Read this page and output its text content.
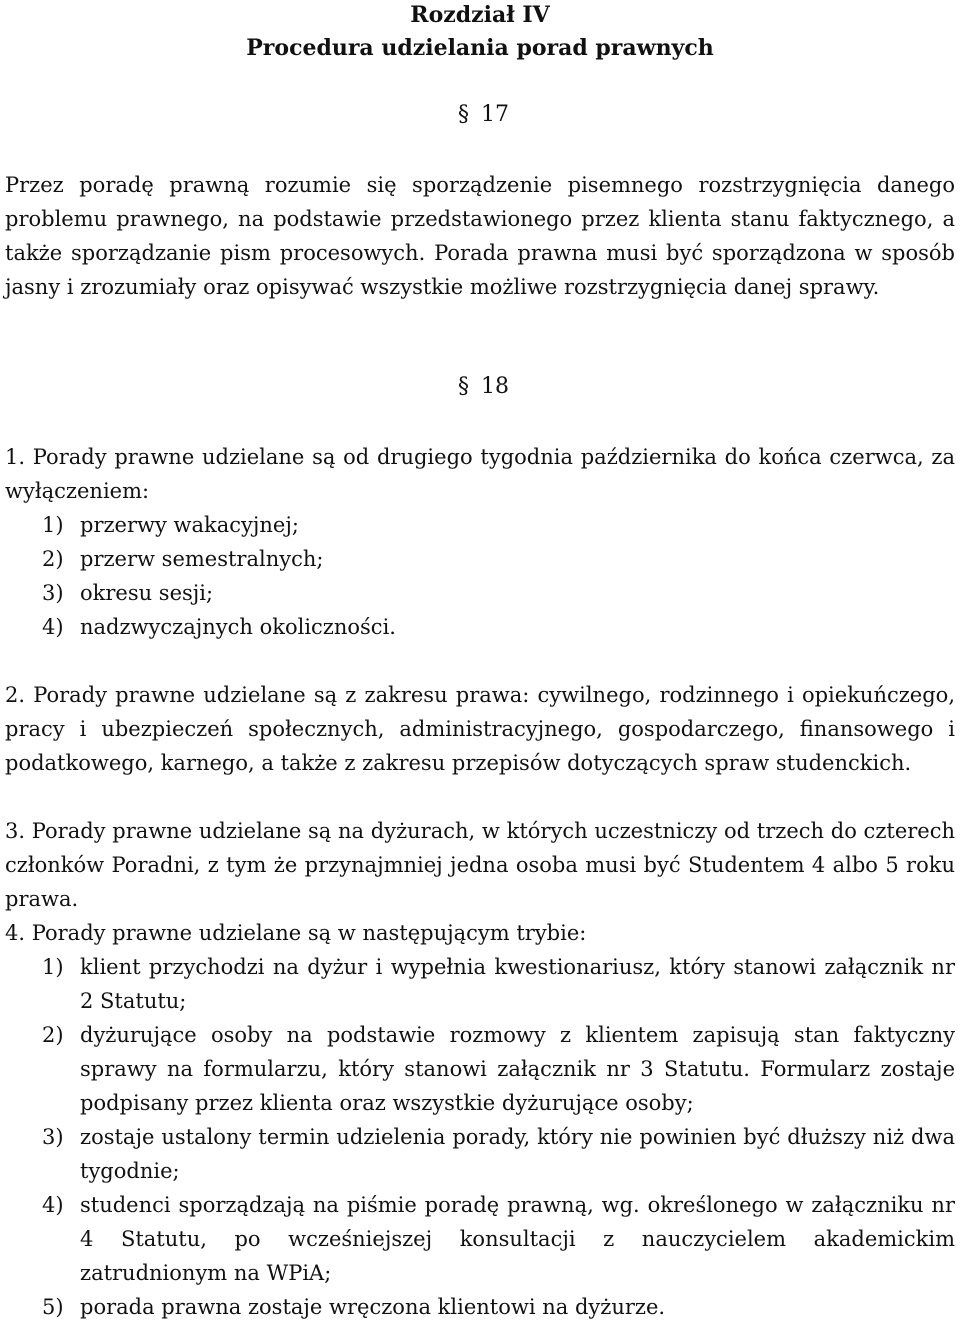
Rozdział IV
Procedura udzielania porad prawnych
§ 17

Przez poradę prawną rozumie się sporządzenie pisemnego rozstrzygnięcia danego problemu prawnego, na podstawie przedstawionego przez klienta stanu faktycznego, a także sporządzanie pism procesowych. Porada prawna musi być sporządzona w sposób jasny i zrozumiały oraz opisywać wszystkie możliwe rozstrzygnięcia danej sprawy.

§ 18

1. Porady prawne udzielane są od drugiego tygodnia października do końca czerwca, za wyłączeniem:

1) przerwy wakacyjnej;
2) przerw semestralnych;
3) okresu sesji;
4) nadzwyczajnych okoliczności.

2. Porady prawne udzielane są z zakresu prawa: cywilnego, rodzinnego i opiekuńczego, pracy i ubezpieczeń społecznych, administracyjnego, gospodarczego, finansowego i podatkowego, karnego, a także z zakresu przepisów dotyczących spraw studenckich.

3. Porady prawne udzielane są na dyżurach, w których uczestniczy od trzech do czterech członków Poradni, z tym że przynajmniej jedna osoba musi być Studentem 4 albo 5 roku prawa.

4. Porady prawne udzielane są w następującym trybie:

1) klient przychodzi na dyżur i wypełnia kwestionariusz, który stanowi załącznik nr 2 Statutu;
2) dyżurujące osoby na podstawie rozmowy z klientem zapisują stan faktyczny sprawy na formularzu, który stanowi załącznik nr 3 Statutu. Formularz zostaje podpisany przez klienta oraz wszystkie dyżurujące osoby;
3) zostaje ustalony termin udzielenia porady, który nie powinien być dłuższy niż dwa tygodnie;
4) studenci sporządzają na piśmie poradę prawną, wg. określonego w załączniku nr 4 Statutu, po wcześniejszej konsultacji z nauczycielem akademickim zatrudnionym na WPiA;
5) porada prawna zostaje wręczona klientowi na dyżurze.
